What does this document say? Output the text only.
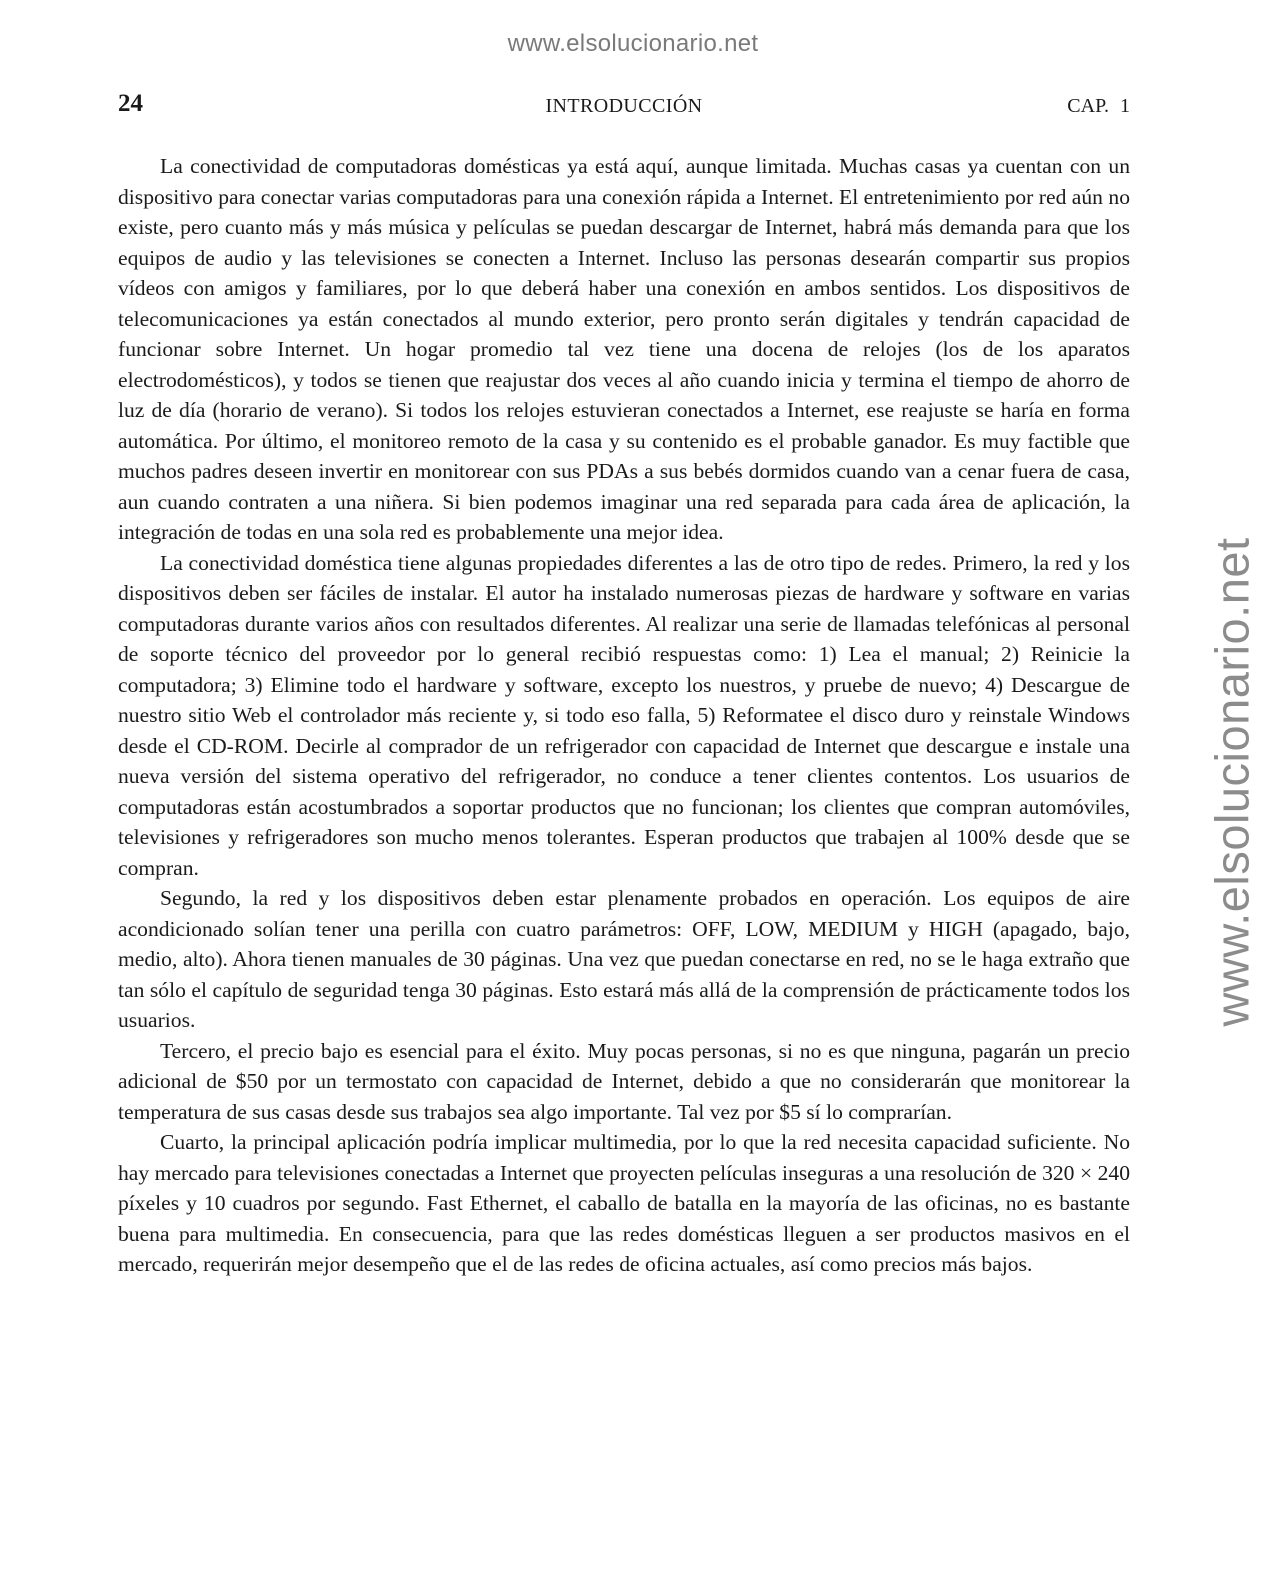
www.elsolucionario.net
www.elsolucionario.net
24	INTRODUCCIÓN	CAP. 1

La conectividad de computadoras domésticas ya está aquí, aunque limitada. Muchas casas ya cuentan con un dispositivo para conectar varias computadoras para una conexión rápida a Internet. El entretenimiento por red aún no existe, pero cuanto más y más música y películas se puedan descargar de Internet, habrá más demanda para que los equipos de audio y las televisiones se conecten a Internet. Incluso las personas desearán compartir sus propios vídeos con amigos y familiares, por lo que deberá haber una conexión en ambos sentidos. Los dispositivos de telecomunicaciones ya están conectados al mundo exterior, pero pronto serán digitales y tendrán capacidad de funcionar sobre Internet. Un hogar promedio tal vez tiene una docena de relojes (los de los aparatos electrodomésticos), y todos se tienen que reajustar dos veces al año cuando inicia y termina el tiempo de ahorro de luz de día (horario de verano). Si todos los relojes estuvieran conectados a Internet, ese reajuste se haría en forma automática. Por último, el monitoreo remoto de la casa y su contenido es el probable ganador. Es muy factible que muchos padres deseen invertir en monitorear con sus PDAs a sus bebés dormidos cuando van a cenar fuera de casa, aun cuando contraten a una niñera. Si bien podemos imaginar una red separada para cada área de aplicación, la integración de todas en una sola red es probablemente una mejor idea.

La conectividad doméstica tiene algunas propiedades diferentes a las de otro tipo de redes. Primero, la red y los dispositivos deben ser fáciles de instalar. El autor ha instalado numerosas piezas de hardware y software en varias computadoras durante varios años con resultados diferentes. Al realizar una serie de llamadas telefónicas al personal de soporte técnico del proveedor por lo general recibió respuestas como: 1) Lea el manual; 2) Reinicie la computadora; 3) Elimine todo el hardware y software, excepto los nuestros, y pruebe de nuevo; 4) Descargue de nuestro sitio Web el controlador más reciente y, si todo eso falla, 5) Reformatee el disco duro y reinstale Windows desde el CD-ROM. Decirle al comprador de un refrigerador con capacidad de Internet que descargue e instale una nueva versión del sistema operativo del refrigerador, no conduce a tener clientes contentos. Los usuarios de computadoras están acostumbrados a soportar productos que no funcionan; los clientes que compran automóviles, televisiones y refrigeradores son mucho menos tolerantes. Esperan productos que trabajen al 100% desde que se compran.

Segundo, la red y los dispositivos deben estar plenamente probados en operación. Los equipos de aire acondicionado solían tener una perilla con cuatro parámetros: OFF, LOW, MEDIUM y HIGH (apagado, bajo, medio, alto). Ahora tienen manuales de 30 páginas. Una vez que puedan conectarse en red, no se le haga extraño que tan sólo el capítulo de seguridad tenga 30 páginas. Esto estará más allá de la comprensión de prácticamente todos los usuarios.

Tercero, el precio bajo es esencial para el éxito. Muy pocas personas, si no es que ninguna, pagarán un precio adicional de $50 por un termostato con capacidad de Internet, debido a que no considerarán que monitorear la temperatura de sus casas desde sus trabajos sea algo importante. Tal vez por $5 sí lo comprarían.

Cuarto, la principal aplicación podría implicar multimedia, por lo que la red necesita capacidad suficiente. No hay mercado para televisiones conectadas a Internet que proyecten películas inseguras a una resolución de 320 × 240 píxeles y 10 cuadros por segundo. Fast Ethernet, el caballo de batalla en la mayoría de las oficinas, no es bastante buena para multimedia. En consecuencia, para que las redes domésticas lleguen a ser productos masivos en el mercado, requerirán mejor desempeño que el de las redes de oficina actuales, así como precios más bajos.
